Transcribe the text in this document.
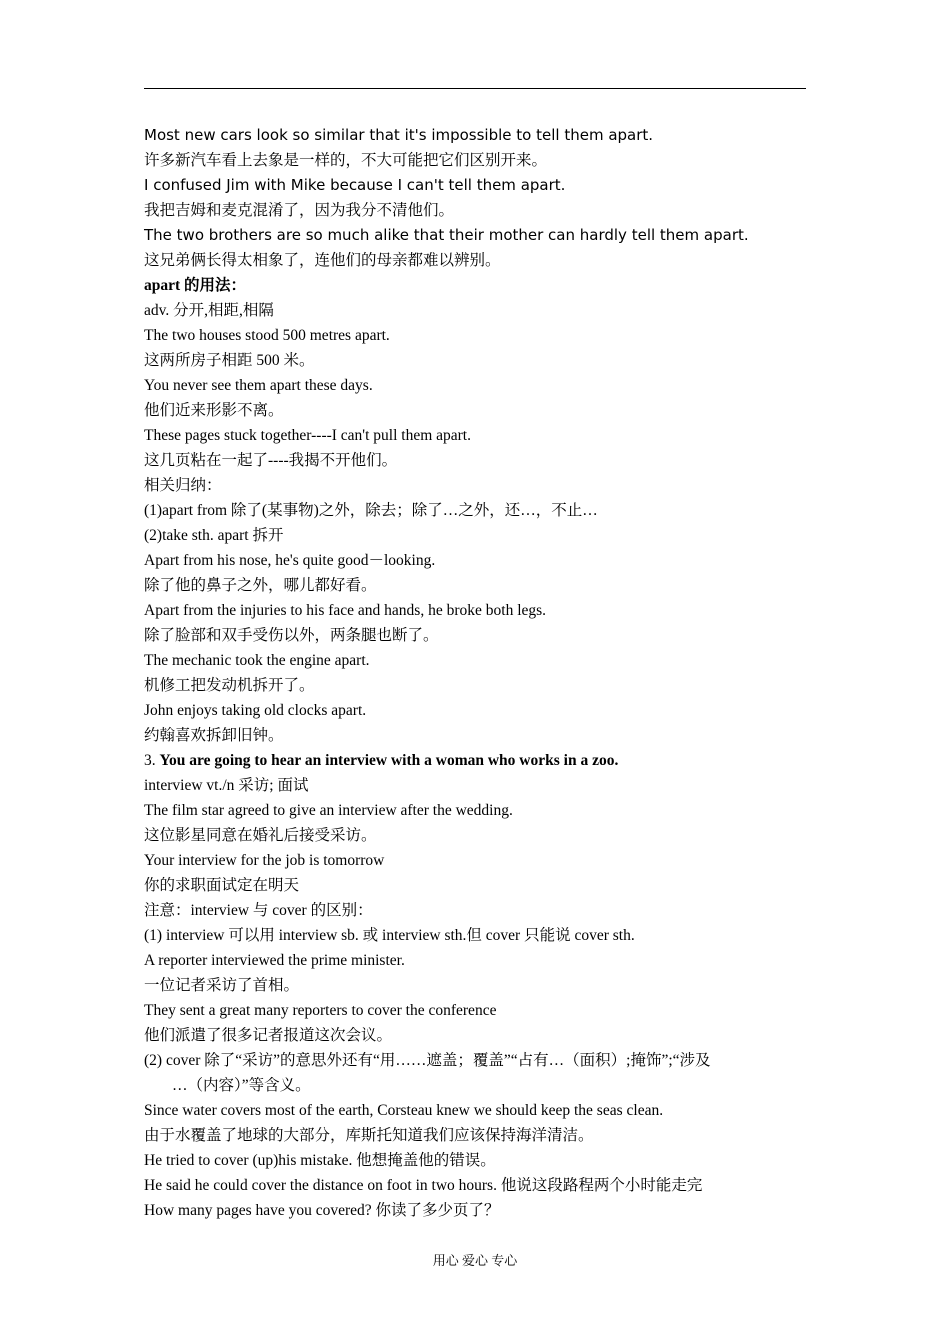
Most new cars look so similar that it's impossible to tell them apart.
许多新汽车看上去象是一样的，不大可能把它们区别开来。
I confused Jim with Mike because I can't tell them apart.
我把吉姆和麦克混淆了，因为我分不清他们。
The two brothers are so much alike that their mother can hardly tell them apart.
这兄弟俩长得太相象了，连他们的母亲都难以辨别。
apart 的用法：
adv. 分开,相距,相隔
The two houses stood 500 metres apart.
这两所房子相距 500 米。
You never see them apart these days.
他们近来形影不离。
These pages stuck together----I can't pull them apart.
这几页粘在一起了----我揭不开他们。
相关归纳：
(1)apart from 除了(某事物)之外，除去；除了…之外，还…，不止…
(2)take sth. apart 拆开
Apart from his nose, he's quite good－looking.
除了他的鼻子之外，哪儿都好看。
Apart from the injuries to his face and hands, he broke both legs.
除了脸部和双手受伤以外，两条腿也断了。
The mechanic took the engine apart.
机修工把发动机拆开了。
John enjoys taking old clocks apart.
约翰喜欢拆卸旧钟。
3. You are going to hear an interview with a woman who works in a zoo.
interview vt./n 采访; 面试
The film star agreed to give an interview after the wedding.
这位影星同意在婚礼后接受采访。
Your interview for the job is tomorrow
你的求职面试定在明天
注意：interview 与 cover 的区别：
(1) interview 可以用 interview sb. 或 interview sth.但 cover 只能说 cover sth.
A reporter interviewed the prime minister.
一位记者采访了首相。
They sent a great many reporters to cover the conference
他们派遣了很多记者报道这次会议。
(2) cover 除了“采访”的意思外还有“用……遮盖；覆盖”“占有…（面积）;掩饰”;“涉及
…（内容）”等含义。
Since water covers most of the earth, Corsteau knew we should keep the seas clean.
由于水覆盖了地球的大部分，库斯托知道我们应该保持海洋清洁。
He tried to cover (up)his mistake. 他想掩盖他的错误。
He said he could cover the distance on foot in two hours. 他说这段路程两个小时能走完
How many pages have you covered? 你读了多少页了？
用心 爱心 专心
